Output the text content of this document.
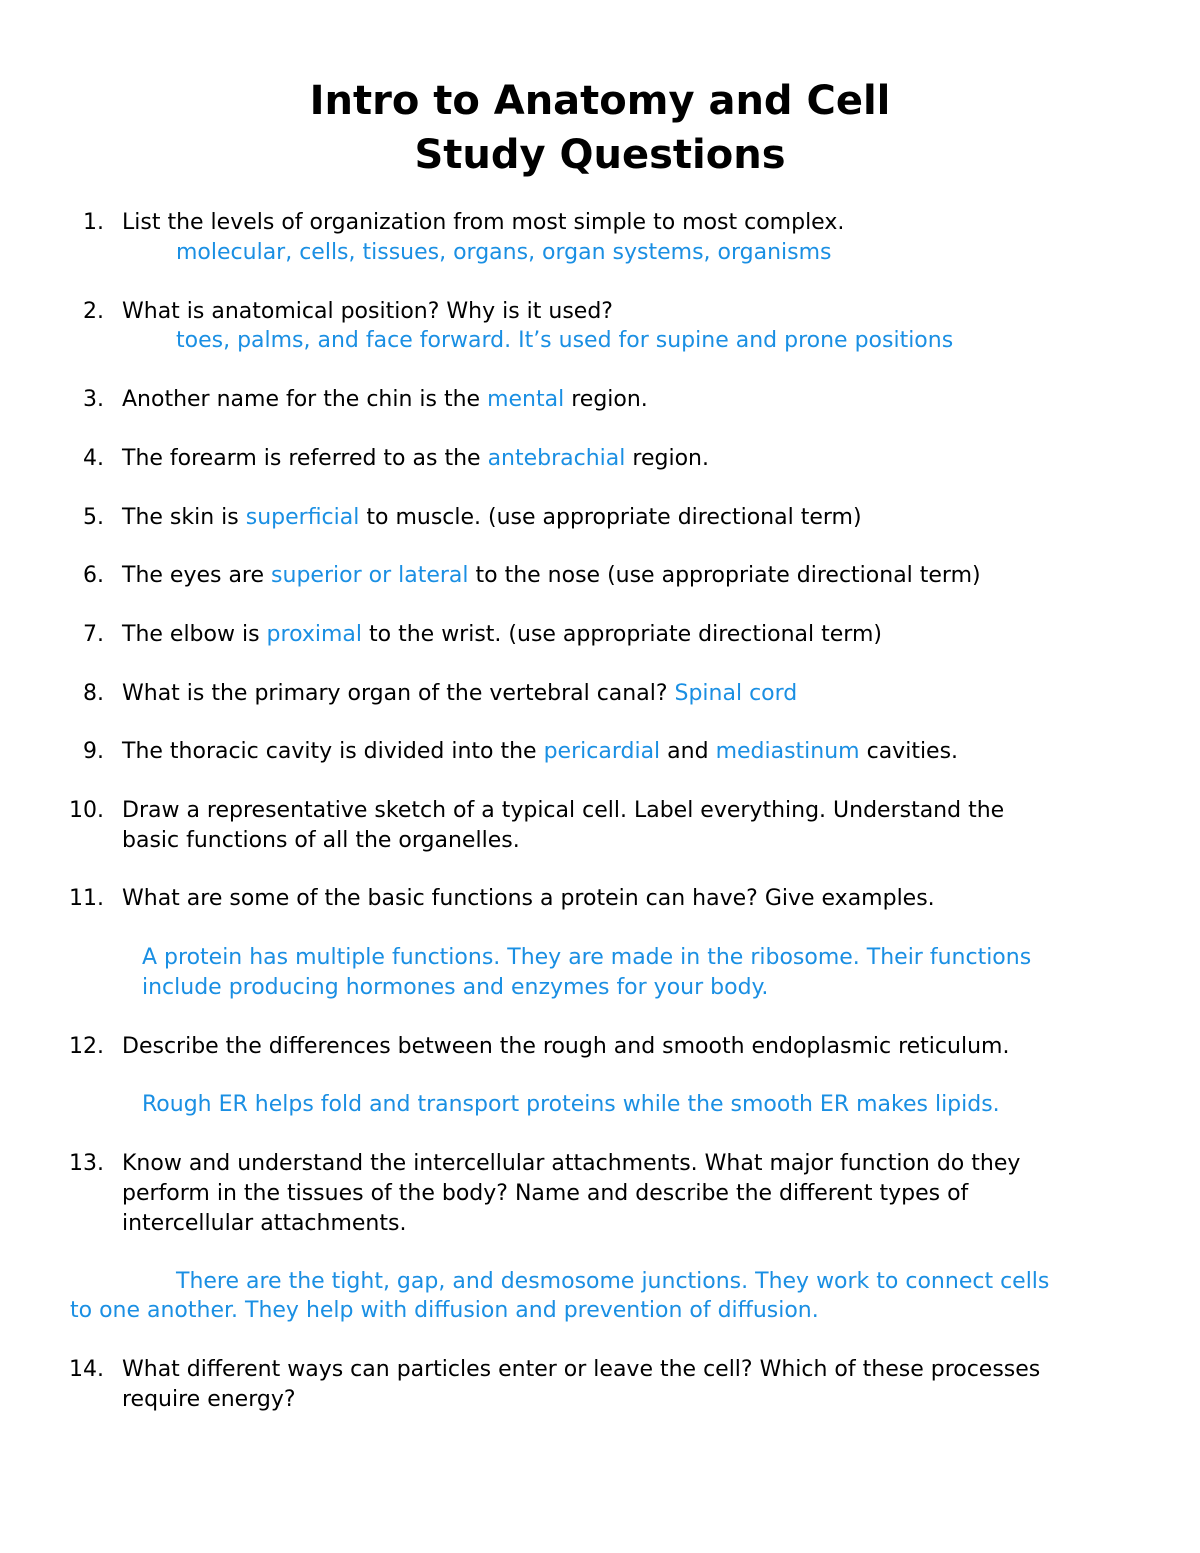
Intro to Anatomy and Cell
Study Questions
1. List the levels of organization from most simple to most complex.
molecular, cells, tissues, organs, organ systems, organisms
2. What is anatomical position? Why is it used?
toes, palms, and face forward. It’s used for supine and prone positions
3. Another name for the chin is the mental region.
4. The forearm is referred to as the antebrachial region.
5. The skin is superficial to muscle. (use appropriate directional term)
6. The eyes are superior or lateral to the nose (use appropriate directional term)
7. The elbow is proximal to the wrist. (use appropriate directional term)
8. What is the primary organ of the vertebral canal? Spinal cord
9. The thoracic cavity is divided into the pericardial and mediastinum cavities.
10. Draw a representative sketch of a typical cell. Label everything. Understand the
basic functions of all the organelles.
11. What are some of the basic functions a protein can have? Give examples.
A protein has multiple functions. They are made in the ribosome. Their functions
include producing hormones and enzymes for your body.
12. Describe the differences between the rough and smooth endoplasmic reticulum.
Rough ER helps fold and transport proteins while the smooth ER makes lipids.
13. Know and understand the intercellular attachments. What major function do they
perform in the tissues of the body? Name and describe the different types of
intercellular attachments.
There are the tight, gap, and desmosome junctions. They work to connect cells
to one another. They help with diffusion and prevention of diffusion.
14. What different ways can particles enter or leave the cell? Which of these processes
require energy?
